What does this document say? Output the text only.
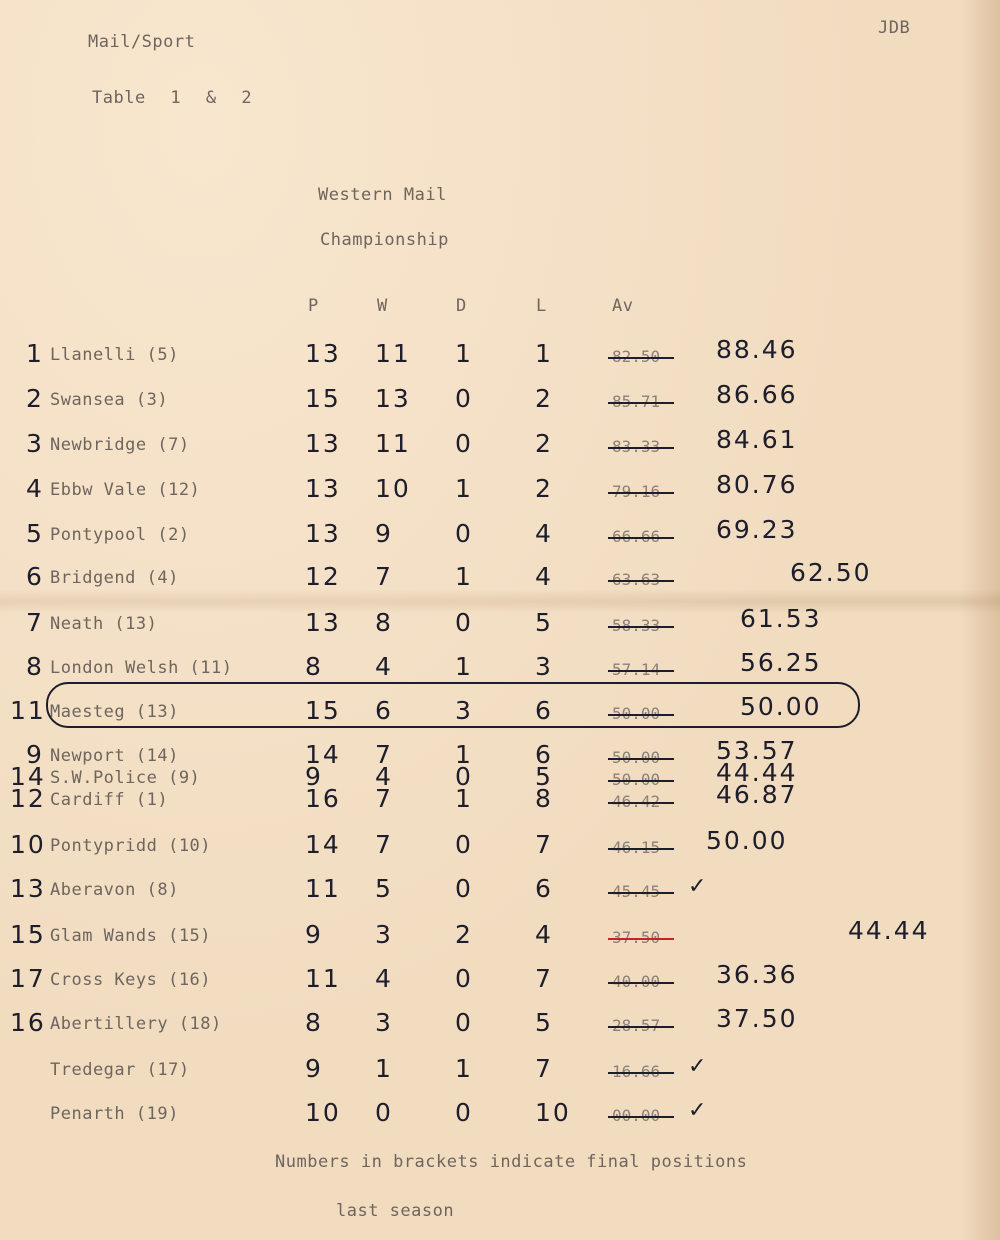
Mail/Sport
JDB
Table 1 & 2
Western Mail
Championship
P	W	D	L	Av
1 Llanelli (5)	13 11 1 1	82.50 88.46
2 Swansea (3)	15 13 0 2	85.71 86.66
3 Newbridge (7)	13 11 0 2	83.33 84.61
4 Ebbw Vale (12)	13 10 1 2	79.16 80.76
5 Pontypool (2)	13 9 0 4	66.66 69.23
6 Bridgend (4)	12 7 1 4	63.63	62.50
7 Neath (13)	13 8 0 5	58.33	61.53
8 London Welsh (11)	8 4 1 3	57.14	56.25
11 Maesteg (13)	15 6 3 6	50.00	50.00
9 Newport (14)	14 7 1 6	50.00 53.57
14 S.W.Police (9)	9 4 0 5	50.00 44.44
12 Cardiff (1)	16 7 1 8	46.42 46.87
10 Pontypridd (10)	14 7 0 7	46.15 50.00
13 Aberavon (8)	11 5 0 6	45.45 ✓
15 Glam Wands (15)	9 3 2 4	37.50	44.44
17 Cross Keys (16)	11 4 0 7	40.00 36.36
16 Abertillery (18)	8 3 0 5	28.57 37.50
Tredegar (17)	9 1 1 7	16.66 ✓
Penarth (19)	10 0 0 10	00.00 ✓
Numbers in brackets indicate final positions
last season
